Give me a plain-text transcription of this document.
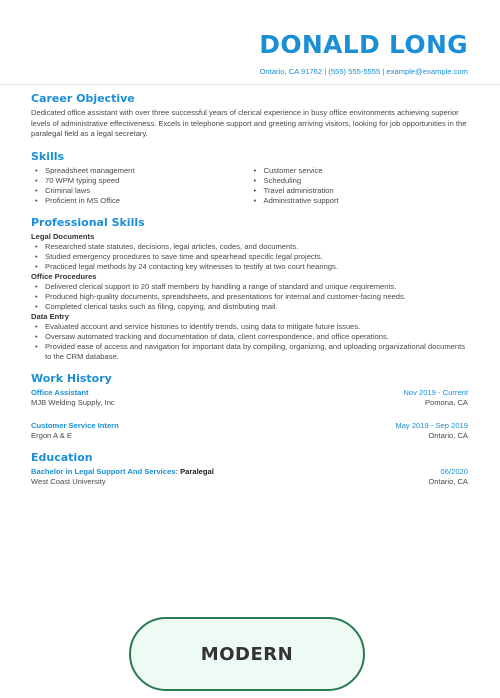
DONALD LONG
Ontario, CA 91762 | (555) 555-5555 | example@example.com
Career Objective

Dedicated office assistant with over three successful years of clerical experience in busy office environments achieving superior levels of administrative effectiveness. Excels in telephone support and greeting arriving visitors, looking for job opportunities in the paralegal field as a legal secretary.

Skills
• Spreadsheet management
• 70 WPM typing speed
• Criminal laws
• Proficient in MS Office
• Customer service
• Scheduling
• Travel administration
• Administrative support
Professional Skills
Legal Documents
• Researched state statutes, decisions, legal articles, codes, and documents.
• Studied emergency procedures to save time and spearhead specific legal projects.
• Practiced legal methods by 24 contacting key witnesses to testify at two court hearings.
Office Procedures
• Delivered clerical support to 20 staff members by handling a range of standard and unique requirements.
• Produced high-quality documents, spreadsheets, and presentations for internal and customer-facing needs.
• Completed clerical tasks such as filing, copying, and distributing mail.
Data Entry
• Evaluated account and service histories to identify trends, using data to mitigate future issues.
• Oversaw automated tracking and documentation of data, client correspondence, and office operations.
• Provided ease of access and navigation for important data by compiling, organizing, and uploading organizational documents to the CRM database.
Work History
Office Assistant	Nov 2019 - Current
MJB Welding Supply, Inc	Pomona, CA
Customer Service Intern	May 2019 - Sep 2019
Ergon A & E	Ontario, CA
Education
Bachelor in Legal Support And Services: Paralegal	06/2020
West Coast University	Ontario, CA
MODERN
